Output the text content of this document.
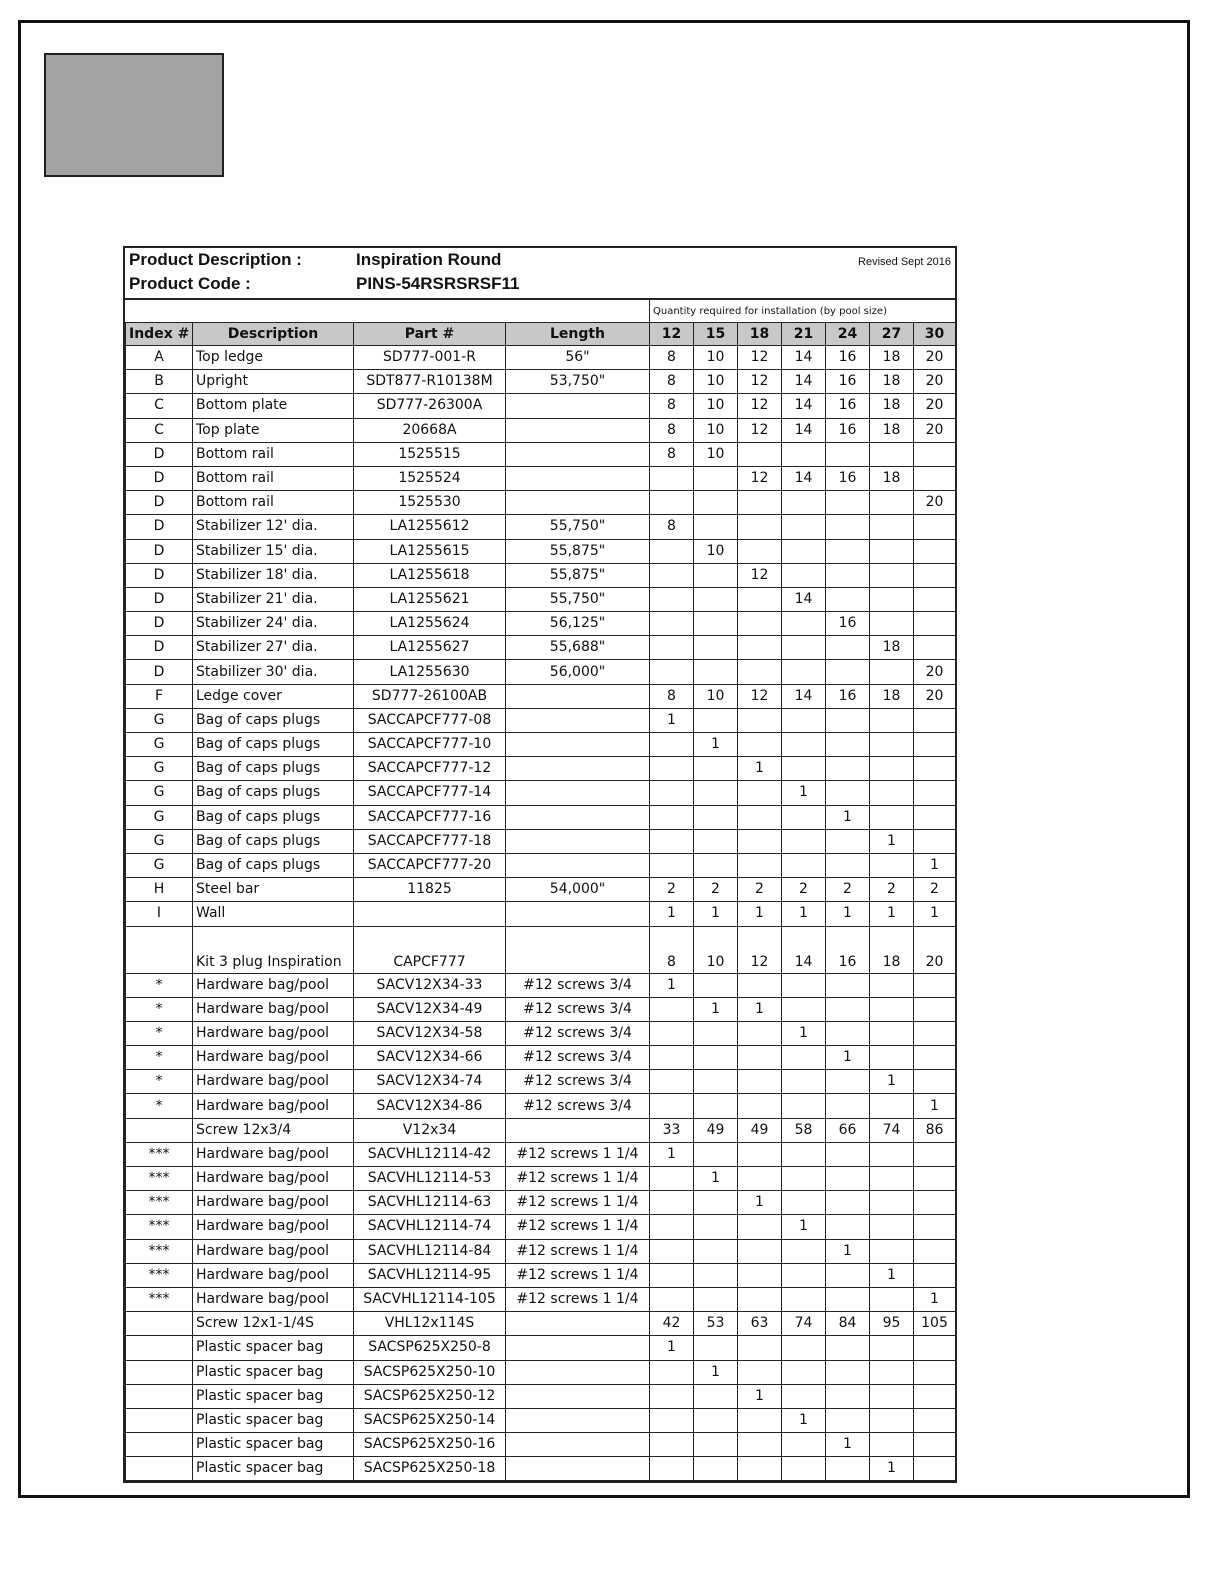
Product Description :	Inspiration Round
Product Code :	PINS-54RSRSRSF11
Revised Sept 2016
				Quantity required for installation (by pool size)						
Index #	Description	Part #	Length	12	15	18	21	24	27	30
A	Top ledge	SD777-001-R	56"	8	10	12	14	16	18	20
B	Upright	SDT877-R10138M	53,750"	8	10	12	14	16	18	20
C	Bottom plate	SD777-26300A		8	10	12	14	16	18	20
C	Top plate	20668A		8	10	12	14	16	18	20
D	Bottom rail	1525515		8	10					
D	Bottom rail	1525524				12	14	16	18	
D	Bottom rail	1525530								20
D	Stabilizer 12' dia.	LA1255612	55,750"	8						
D	Stabilizer 15' dia.	LA1255615	55,875"		10					
D	Stabilizer 18' dia.	LA1255618	55,875"			12				
D	Stabilizer 21' dia.	LA1255621	55,750"				14			
D	Stabilizer 24' dia.	LA1255624	56,125"					16		
D	Stabilizer 27' dia.	LA1255627	55,688"						18	
D	Stabilizer 30' dia.	LA1255630	56,000"							20
F	Ledge cover	SD777-26100AB		8	10	12	14	16	18	20
G	Bag of caps plugs	SACCAPCF777-08		1						
G	Bag of caps plugs	SACCAPCF777-10			1					
G	Bag of caps plugs	SACCAPCF777-12				1				
G	Bag of caps plugs	SACCAPCF777-14					1			
G	Bag of caps plugs	SACCAPCF777-16						1		
G	Bag of caps plugs	SACCAPCF777-18							1	
G	Bag of caps plugs	SACCAPCF777-20								1
H	Steel bar	11825	54,000"	2	2	2	2	2	2	2
I	Wall			1	1	1	1	1	1	1
	Kit 3 plug Inspiration	CAPCF777		8	10	12	14	16	18	20
*	Hardware bag/pool	SACV12X34-33	#12 screws 3/4	1						
*	Hardware bag/pool	SACV12X34-49	#12 screws 3/4		1	1				
*	Hardware bag/pool	SACV12X34-58	#12 screws 3/4				1			
*	Hardware bag/pool	SACV12X34-66	#12 screws 3/4					1		
*	Hardware bag/pool	SACV12X34-74	#12 screws 3/4						1	
*	Hardware bag/pool	SACV12X34-86	#12 screws 3/4							1
	Screw 12x3/4	V12x34		33	49	49	58	66	74	86
***	Hardware bag/pool	SACVHL12114-42	#12 screws 1 1/4	1						
***	Hardware bag/pool	SACVHL12114-53	#12 screws 1 1/4		1					
***	Hardware bag/pool	SACVHL12114-63	#12 screws 1 1/4			1				
***	Hardware bag/pool	SACVHL12114-74	#12 screws 1 1/4				1			
***	Hardware bag/pool	SACVHL12114-84	#12 screws 1 1/4					1		
***	Hardware bag/pool	SACVHL12114-95	#12 screws 1 1/4						1	
***	Hardware bag/pool	SACVHL12114-105	#12 screws 1 1/4							1
	Screw 12x1-1/4S	VHL12x114S		42	53	63	74	84	95	105
	Plastic spacer bag	SACSP625X250-8		1						
	Plastic spacer bag	SACSP625X250-10			1					
	Plastic spacer bag	SACSP625X250-12				1				
	Plastic spacer bag	SACSP625X250-14					1			
	Plastic spacer bag	SACSP625X250-16						1		
	Plastic spacer bag	SACSP625X250-18							1	
